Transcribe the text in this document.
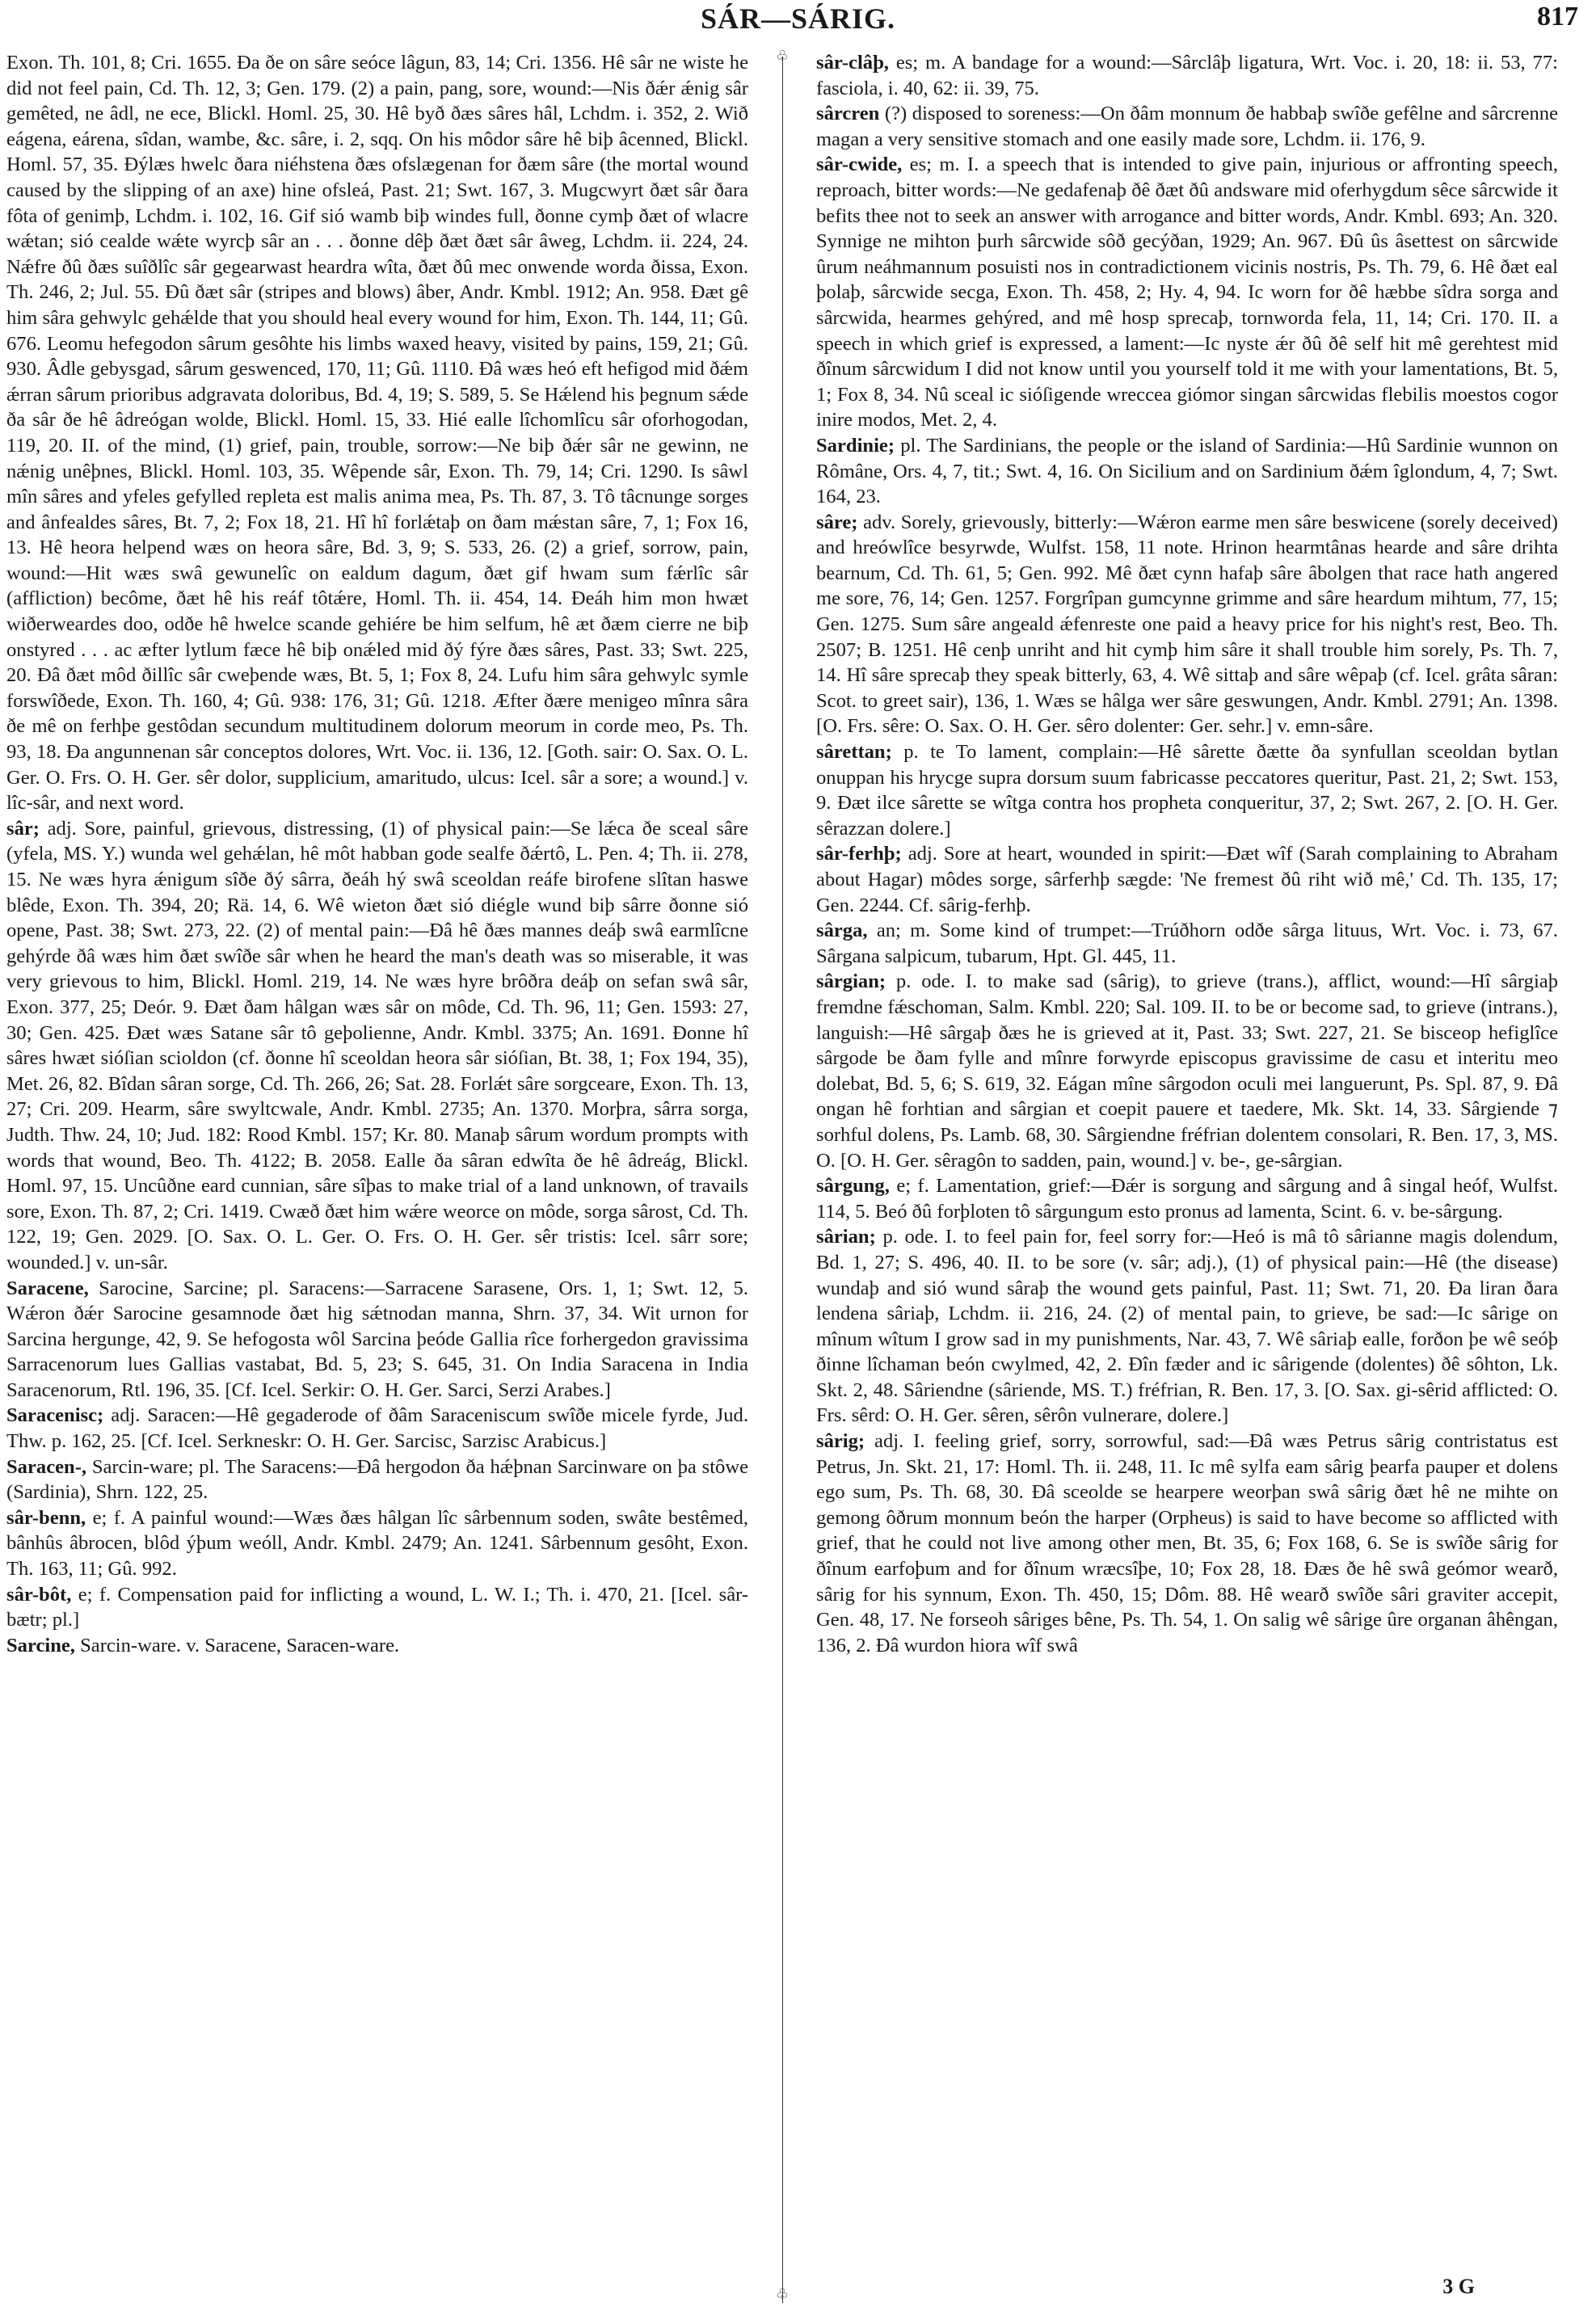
SÁR—SÁRIG.	817

Exon. Th. 101, 8; Cri. 1655. Ða ðe on sâre seóce lâgun, 83, 14; Cri. 1356. Hê sâr ne wiste he did not feel pain, Cd. Th. 12, 3; Gen. 179. (2) a pain, pang, sore, wound:—Nis ðǽr ǽnig sâr gemêted, ne âdl, ne ece, Blickl. Homl. 25, 30. Hê byð ðæs sâres hâl, Lchdm. i. 352, 2. Wið eágena, eárena, sîdan, wambe, &c. sâre, i. 2, sqq. On his môdor sâre hê biþ âcenned, Blickl. Homl. 57, 35. Ðýlæs hwelc ðara niéhstena ðæs ofslægenan for ðæm sâre (the mortal wound caused by the slipping of an axe) hine ofsleá, Past. 21; Swt. 167, 3. Mugcwyrt ðæt sâr ðara fôta of genimþ, Lchdm. i. 102, 16. Gif sió wamb biþ windes full, ðonne cymþ ðæt of wlacre wǽtan; sió cealde wǽte wyrcþ sâr an . . . ðonne dêþ ðæt ðæt sâr âweg, Lchdm. ii. 224, 24. Nǽfre ðû ðæs suîðlîc sâr gegearwast heardra wîta, ðæt ðû mec onwende worda ðissa, Exon. Th. 246, 2; Jul. 55. Ðû ðæt sâr (stripes and blows) âber, Andr. Kmbl. 1912; An. 958. Ðæt gê him sâra gehwylc gehǽlde that you should heal every wound for him, Exon. Th. 144, 11; Gû. 676. Leomu hefegodon sârum gesôhte his limbs waxed heavy, visited by pains, 159, 21; Gû. 930. Âdle gebysgad, sârum geswenced, 170, 11; Gû. 1110. Ðâ wæs heó eft hefigod mid ðǽm ǽrran sârum prioribus adgravata doloribus, Bd. 4, 19; S. 589, 5. Se Hǽlend his þegnum sǽde ða sâr ðe hê âdreógan wolde, Blickl. Homl. 15, 33. Hié ealle lîchomlîcu sâr oforhogodan, 119, 20. II. of the mind, (1) grief, pain, trouble, sorrow:—Ne biþ ðǽr sâr ne gewinn, ne nǽnig unêþnes, Blickl. Homl. 103, 35. Wêpende sâr, Exon. Th. 79, 14; Cri. 1290. Is sâwl mîn sâres and yfeles gefylled repleta est malis anima mea, Ps. Th. 87, 3. Tô tâcnunge sorges and ânfealdes sâres, Bt. 7, 2; Fox 18, 21. Hî hî forlǽtaþ on ðam mǽstan sâre, 7, 1; Fox 16, 13. Hê heora helpend wæs on heora sâre, Bd. 3, 9; S. 533, 26. (2) a grief, sorrow, pain, wound:—Hit wæs swâ gewunelîc on ealdum dagum, ðæt gif hwam sum fǽrlîc sâr (affliction) becôme, ðæt hê his reáf tôtǽre, Homl. Th. ii. 454, 14. Ðeáh him mon hwæt wiðerweardes doo, odðe hê hwelce scande gehiére be him selfum, hê æt ðæm cierre ne biþ onstyred . . . ac æfter lytlum fæce hê biþ onǽled mid ðý fýre ðæs sâres, Past. 33; Swt. 225, 20. Ðâ ðæt môd ðillîc sâr cweþende wæs, Bt. 5, 1; Fox 8, 24. Lufu him sâra gehwylc symle forswîðede, Exon. Th. 160, 4; Gû. 938: 176, 31; Gû. 1218. Æfter ðære menigeo mînra sâra ðe mê on ferhþe gestôdan secundum multitudinem dolorum meorum in corde meo, Ps. Th. 93, 18. Ða angunnenan sâr conceptos dolores, Wrt. Voc. ii. 136, 12. [Goth. sair: O. Sax. O. L. Ger. O. Frs. O. H. Ger. sêr dolor, supplicium, amaritudo, ulcus: Icel. sâr a sore; a wound.] v. lîc-sâr, and next word.

sâr; adj. Sore, painful, grievous, distressing, (1) of physical pain:—Se lǽca ðe sceal sâre (yfela, MS. Y.) wunda wel gehǽlan, hê môt habban gode sealfe ðǽrtô, L. Pen. 4; Th. ii. 278, 15. Ne wæs hyra ǽnigum sîðe ðý sârra, ðeáh hý swâ sceoldan reáfe birofene slîtan haswe blêde, Exon. Th. 394, 20; Rä. 14, 6. Wê wieton ðæt sió diégle wund biþ sârre ðonne sió opene, Past. 38; Swt. 273, 22. (2) of mental pain:—Ðâ hê ðæs mannes deáþ swâ earmlîcne gehýrde ðâ wæs him ðæt swîðe sâr when he heard the man's death was so miserable, it was very grievous to him, Blickl. Homl. 219, 14. Ne wæs hyre brôðra deáþ on sefan swâ sâr, Exon. 377, 25; Deór. 9. Ðæt ðam hâlgan wæs sâr on môde, Cd. Th. 96, 11; Gen. 1593: 27, 30; Gen. 425. Ðæt wæs Satane sâr tô geþolienne, Andr. Kmbl. 3375; An. 1691. Ðonne hî sâres hwæt sióſian scioldon (cf. ðonne hî sceoldan heora sâr sióſian, Bt. 38, 1; Fox 194, 35), Met. 26, 82. Bîdan sâran sorge, Cd. Th. 266, 26; Sat. 28. Forlǽt sâre sorgceare, Exon. Th. 13, 27; Cri. 209. Hearm, sâre swyltcwale, Andr. Kmbl. 2735; An. 1370. Morþra, sârra sorga, Judth. Thw. 24, 10; Jud. 182: Rood Kmbl. 157; Kr. 80. Manaþ sârum wordum prompts with words that wound, Beo. Th. 4122; B. 2058. Ealle ða sâran edwîta ðe hê âdreág, Blickl. Homl. 97, 15. Uncûðne eard cunnian, sâre sîþas to make trial of a land unknown, of travails sore, Exon. Th. 87, 2; Cri. 1419. Cwæð ðæt him wǽre weorce on môde, sorga sârost, Cd. Th. 122, 19; Gen. 2029. [O. Sax. O. L. Ger. O. Frs. O. H. Ger. sêr tristis: Icel. sârr sore; wounded.] v. un-sâr.

Saracene, Sarocine, Sarcine; pl. Saracens:—Sarracene Sarasene, Ors. 1, 1; Swt. 12, 5. Wǽron ðǽr Sarocine gesamnode ðæt hig sǽtnodan manna, Shrn. 37, 34. Wit urnon for Sarcina hergunge, 42, 9. Se hefogosta wôl Sarcina þeóde Gallia rîce forhergedon gravissima Sarracenorum lues Gallias vastabat, Bd. 5, 23; S. 645, 31. On India Saracena in India Saracenorum, Rtl. 196, 35. [Cf. Icel. Serkir: O. H. Ger. Sarci, Serzi Arabes.]

Saracenisc; adj. Saracen:—Hê gegaderode of ðâm Saraceniscum swîðe micele fyrde, Jud. Thw. p. 162, 25. [Cf. Icel. Serkneskr: O. H. Ger. Sarcisc, Sarzisc Arabicus.]

Saracen-, Sarcin-ware; pl. The Saracens:—Ðâ hergodon ða hǽþnan Sarcinware on þa stôwe (Sardinia), Shrn. 122, 25.

sâr-benn, e; f. A painful wound:—Wæs ðæs hâlgan lîc sârbennum soden, swâte bestêmed, bânhûs âbrocen, blôd ýþum weóll, Andr. Kmbl. 2479; An. 1241. Sârbennum gesôht, Exon. Th. 163, 11; Gû. 992.

sâr-bôt, e; f. Compensation paid for inflicting a wound, L. W. I.; Th. i. 470, 21. [Icel. sâr-bætr; pl.]

Sarcine, Sarcin-ware. v. Saracene, Saracen-ware.

♧
♧

sâr-clâþ, es; m. A bandage for a wound:—Sârclâþ ligatura, Wrt. Voc. i. 20, 18: ii. 53, 77: fasciola, i. 40, 62: ii. 39, 75.

sârcren (?) disposed to soreness:—On ðâm monnum ðe habbaþ swîðe gefêlne and sârcrenne magan a very sensitive stomach and one easily made sore, Lchdm. ii. 176, 9.

sâr-cwide, es; m. I. a speech that is intended to give pain, injurious or affronting speech, reproach, bitter words:—Ne gedafenaþ ðê ðæt ðû andsware mid oferhygdum sêce sârcwide it befits thee not to seek an answer with arrogance and bitter words, Andr. Kmbl. 693; An. 320. Synnige ne mihton þurh sârcwide sôð gecýðan, 1929; An. 967. Ðû ûs âsettest on sârcwide ûrum neáhmannum posuisti nos in contradictionem vicinis nostris, Ps. Th. 79, 6. Hê ðæt eal þolaþ, sârcwide secga, Exon. Th. 458, 2; Hy. 4, 94. Ic worn for ðê hæbbe sîdra sorga and sârcwida, hearmes gehýred, and mê hosp sprecaþ, tornworda fela, 11, 14; Cri. 170. II. a speech in which grief is expressed, a lament:—Ic nyste ǽr ðû ðê self hit mê gerehtest mid ðînum sârcwidum I did not know until you yourself told it me with your lamentations, Bt. 5, 1; Fox 8, 34. Nû sceal ic sióſigende wreccea giómor singan sârcwidas flebilis moestos cogor inire modos, Met. 2, 4.

Sardinie; pl. The Sardinians, the people or the island of Sardinia:—Hû Sardinie wunnon on Rômâne, Ors. 4, 7, tit.; Swt. 4, 16. On Sicilium and on Sardinium ðǽm îglondum, 4, 7; Swt. 164, 23.

sâre; adv. Sorely, grievously, bitterly:—Wǽron earme men sâre beswicene (sorely deceived) and hreówlîce besyrwde, Wulfst. 158, 11 note. Hrinon hearmtânas hearde and sâre drihta bearnum, Cd. Th. 61, 5; Gen. 992. Mê ðæt cynn hafaþ sâre âbolgen that race hath angered me sore, 76, 14; Gen. 1257. Forgrîpan gumcynne grimme and sâre heardum mihtum, 77, 15; Gen. 1275. Sum sâre angeald ǽfenreste one paid a heavy price for his night's rest, Beo. Th. 2507; B. 1251. Hê cenþ unriht and hit cymþ him sâre it shall trouble him sorely, Ps. Th. 7, 14. Hî sâre sprecaþ they speak bitterly, 63, 4. Wê sittaþ and sâre wêpaþ (cf. Icel. grâta sâran: Scot. to greet sair), 136, 1. Wæs se hâlga wer sâre geswungen, Andr. Kmbl. 2791; An. 1398. [O. Frs. sêre: O. Sax. O. H. Ger. sêro dolenter: Ger. sehr.] v. emn-sâre.

sârettan; p. te To lament, complain:—Hê sârette ðætte ða synfullan sceoldan bytlan onuppan his hrycge supra dorsum suum fabricasse peccatores queritur, Past. 21, 2; Swt. 153, 9. Ðæt ilce sârette se wîtga contra hos propheta conqueritur, 37, 2; Swt. 267, 2. [O. H. Ger. sêrazzan dolere.]

sâr-ferhþ; adj. Sore at heart, wounded in spirit:—Ðæt wîf (Sarah complaining to Abraham about Hagar) môdes sorge, sârferhþ sægde: 'Ne fremest ðû riht wið mê,' Cd. Th. 135, 17; Gen. 2244. Cf. sârig-ferhþ.

sârga, an; m. Some kind of trumpet:—Trúðhorn odðe sârga lituus, Wrt. Voc. i. 73, 67. Sârgana salpicum, tubarum, Hpt. Gl. 445, 11.

sârgian; p. ode. I. to make sad (sârig), to grieve (trans.), afflict, wound:—Hî sârgiaþ fremdne fǽschoman, Salm. Kmbl. 220; Sal. 109. II. to be or become sad, to grieve (intrans.), languish:—Hê sârgaþ ðæs he is grieved at it, Past. 33; Swt. 227, 21. Se bisceop hefiglîce sârgode be ðam fylle and mînre forwyrde episcopus gravissime de casu et interitu meo dolebat, Bd. 5, 6; S. 619, 32. Eágan mîne sârgodon oculi mei languerunt, Ps. Spl. 87, 9. Ðâ ongan hê forhtian and sârgian et coepit pauere et taedere, Mk. Skt. 14, 33. Sârgiende ⁊ sorhful dolens, Ps. Lamb. 68, 30. Sârgiendne fréfrian dolentem consolari, R. Ben. 17, 3, MS. O. [O. H. Ger. sêragôn to sadden, pain, wound.] v. be-, ge-sârgian.

sârgung, e; f. Lamentation, grief:—Ðǽr is sorgung and sârgung and â singal heóf, Wulfst. 114, 5. Beó ðû forþloten tô sârgungum esto pronus ad lamenta, Scint. 6. v. be-sârgung.

sârian; p. ode. I. to feel pain for, feel sorry for:—Heó is mâ tô sârianne magis dolendum, Bd. 1, 27; S. 496, 40. II. to be sore (v. sâr; adj.), (1) of physical pain:—Hê (the disease) wundaþ and sió wund sâraþ the wound gets painful, Past. 11; Swt. 71, 20. Ða liran ðara lendena sâriaþ, Lchdm. ii. 216, 24. (2) of mental pain, to grieve, be sad:—Ic sârige on mînum wîtum I grow sad in my punishments, Nar. 43, 7. Wê sâriaþ ealle, forðon þe wê seóþ ðinne lîchaman beón cwylmed, 42, 2. Ðîn fæder and ic sârigende (dolentes) ðê sôhton, Lk. Skt. 2, 48. Sâriendne (sâriende, MS. T.) fréfrian, R. Ben. 17, 3. [O. Sax. gi-sêrid afflicted: O. Frs. sêrd: O. H. Ger. sêren, sêrôn vulnerare, dolere.]

sârig; adj. I. feeling grief, sorry, sorrowful, sad:—Ðâ wæs Petrus sârig contristatus est Petrus, Jn. Skt. 21, 17: Homl. Th. ii. 248, 11. Ic mê sylfa eam sârig þearfa pauper et dolens ego sum, Ps. Th. 68, 30. Ðâ sceolde se hearpere weorþan swâ sârig ðæt hê ne mihte on gemong ôðrum monnum beón the harper (Orpheus) is said to have become so afflicted with grief, that he could not live among other men, Bt. 35, 6; Fox 168, 6. Se is swîðe sârig for ðînum earfoþum and for ðînum wræcsîþe, 10; Fox 28, 18. Ðæs ðe hê swâ geómor wearð, sârig for his synnum, Exon. Th. 450, 15; Dôm. 88. Hê wearð swîðe sâri graviter accepit, Gen. 48, 17. Ne forseoh sâriges bêne, Ps. Th. 54, 1. On salig wê sârige ûre organan âhêngan, 136, 2. Ðâ wurdon hiora wîf swâ

3 G
